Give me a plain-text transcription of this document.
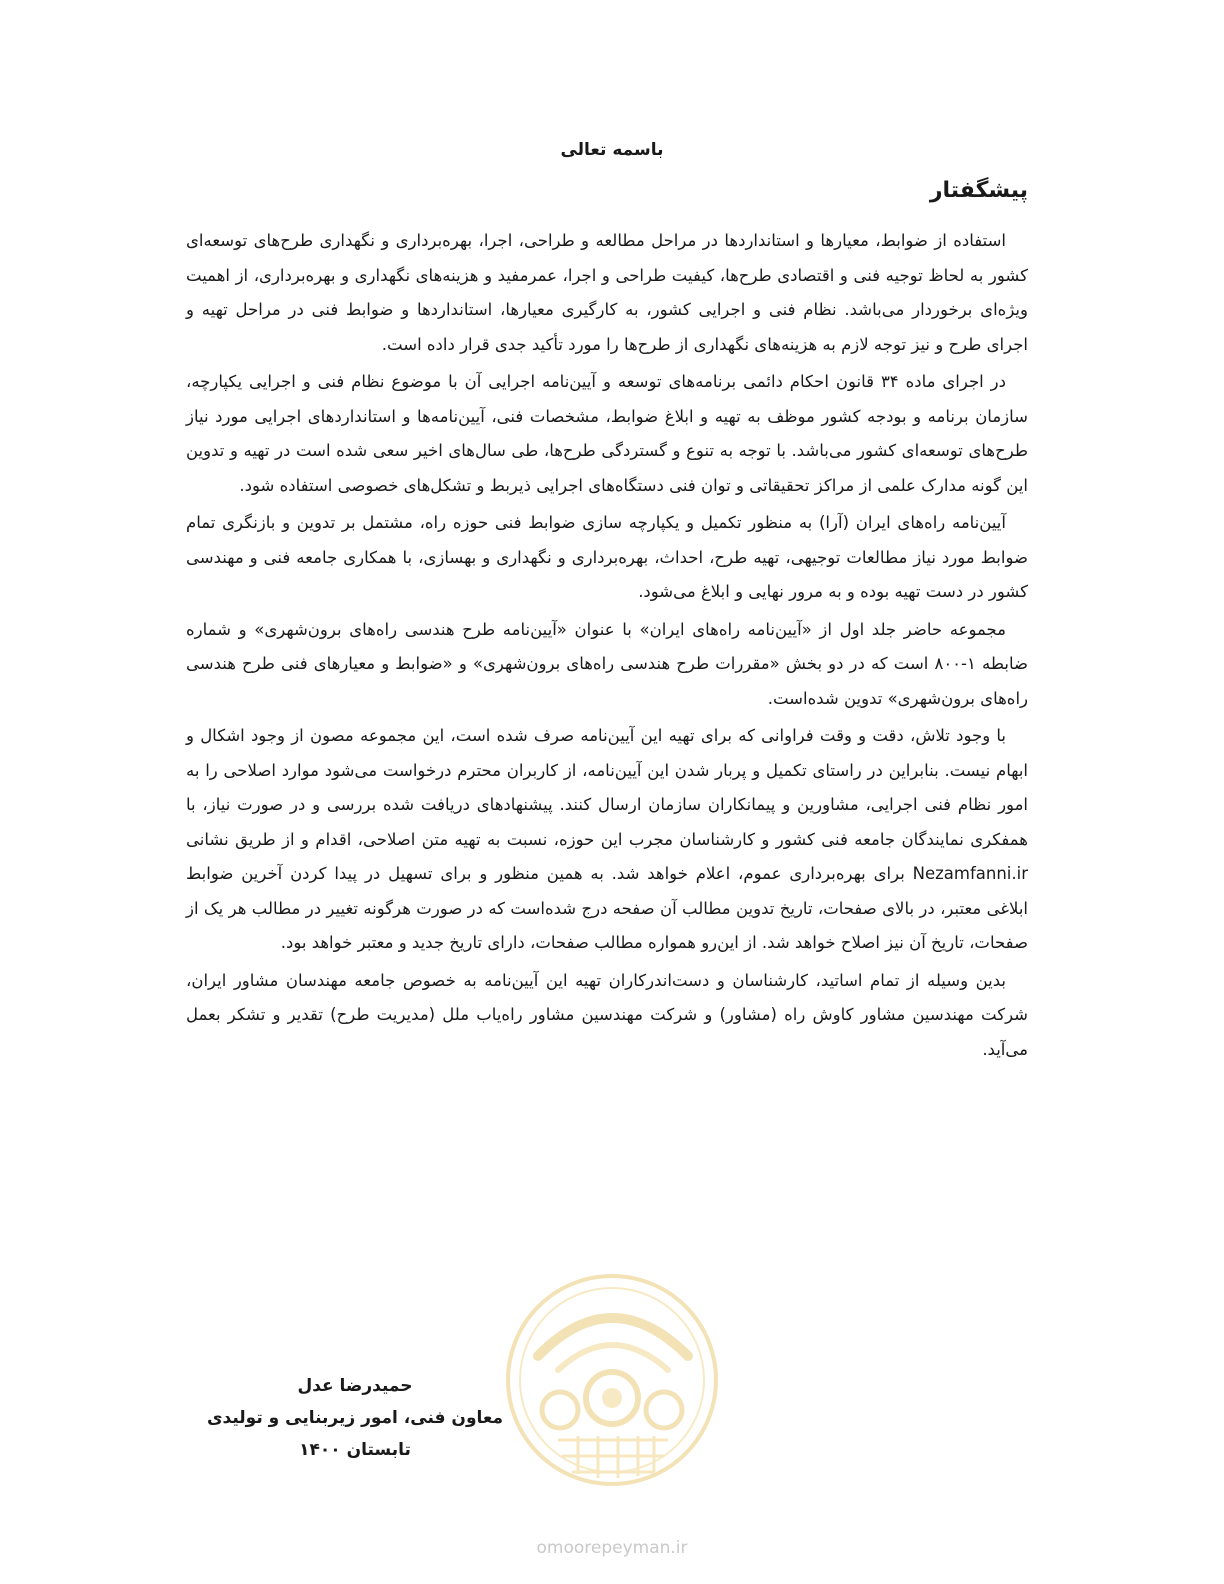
باسمه تعالی
پیشگفتار

استفاده از ضوابط، معیارها و استانداردها در مراحل مطالعه و طراحی، اجرا، بهره‌برداری و نگهداری طرح‌های توسعه‌ای کشور به لحاظ توجیه فنی و اقتصادی طرح‌ها، کیفیت طراحی و اجرا، عمرمفید و هزینه‌های نگهداری و بهره‌برداری، از اهمیت ویژه‌ای برخوردار می‌باشد. نظام فنی و اجرایی کشور، به کارگیری معیارها، استانداردها و ضوابط فنی در مراحل تهیه و اجرای طرح و نیز توجه لازم به هزینه‌های نگهداری از طرح‌ها را مورد تأکید جدی قرار داده است.

در اجرای ماده ۳۴ قانون احکام دائمی برنامه‌های توسعه و آیین‌نامه اجرایی آن با موضوع نظام فنی و اجرایی یکپارچه، سازمان برنامه و بودجه کشور موظف به تهیه و ابلاغ ضوابط، مشخصات فنی، آیین‌نامه‌ها و استانداردهای اجرایی مورد نیاز طرح‌های توسعه‌ای کشور می‌باشد. با توجه به تنوع و گستردگی طرح‌ها، طی سال‌های اخیر سعی شده است در تهیه و تدوین این گونه مدارک علمی از مراکز تحقیقاتی و توان فنی دستگاه‌های اجرایی ذیربط و تشکل‌های خصوصی استفاده شود.

آیین‌نامه راه‌های ایران (آرا) به منظور تکمیل و یکپارچه سازی ضوابط فنی حوزه راه، مشتمل بر تدوین و بازنگری تمام ضوابط مورد نیاز مطالعات توجیهی، تهیه طرح، احداث، بهره‌برداری و نگهداری و بهسازی، با همکاری جامعه فنی و مهندسی کشور در دست تهیه بوده و به مرور نهایی و ابلاغ می‌شود.

مجموعه حاضر جلد اول از «آیین‌نامه راه‌های ایران» با عنوان «آیین‌نامه طرح هندسی راه‌های برون‌شهری» و شماره ضابطه ۱-۸۰۰ است که در دو بخش «مقررات طرح هندسی راه‌های برون‌شهری» و «ضوابط و معیارهای فنی طرح هندسی راه‌های برون‌شهری» تدوین شده‌است.

با وجود تلاش، دقت و وقت فراوانی که برای تهیه این آیین‌نامه صرف شده است، این مجموعه مصون از وجود اشکال و ابهام نیست. بنابراین در راستای تکمیل و پربار شدن این آیین‌نامه، از کاربران محترم درخواست می‌شود موارد اصلاحی را به امور نظام فنی اجرایی، مشاورین و پیمانکاران سازمان ارسال کنند. پیشنهادهای دریافت شده بررسی و در صورت نیاز، با همفکری نمایندگان جامعه فنی کشور و کارشناسان مجرب این حوزه، نسبت به تهیه متن اصلاحی، اقدام و از طریق نشانی Nezamfanni.ir برای بهره‌برداری عموم، اعلام خواهد شد. به همین منظور و برای تسهیل در پیدا کردن آخرین ضوابط ابلاغی معتبر، در بالای صفحات، تاریخ تدوین مطالب آن صفحه درج شده‌است که در صورت هرگونه تغییر در مطالب هر یک از صفحات، تاریخ آن نیز اصلاح خواهد شد. از این‌رو همواره مطالب صفحات، دارای تاریخ جدید و معتبر خواهد بود.

بدین وسیله از تمام اساتید، کارشناسان و دست‌اندرکاران تهیه این آیین‌نامه به خصوص جامعه مهندسان مشاور ایران، شرکت مهندسین مشاور کاوش راه (مشاور) و شرکت مهندسین مشاور راه‌یاب ملل (مدیریت طرح) تقدیر و تشکر بعمل می‌آید.

omoorepeyman.ir
حمیدرضا عدل
معاون فنی، امور زیربنایی و تولیدی
تابستان ۱۴۰۰
